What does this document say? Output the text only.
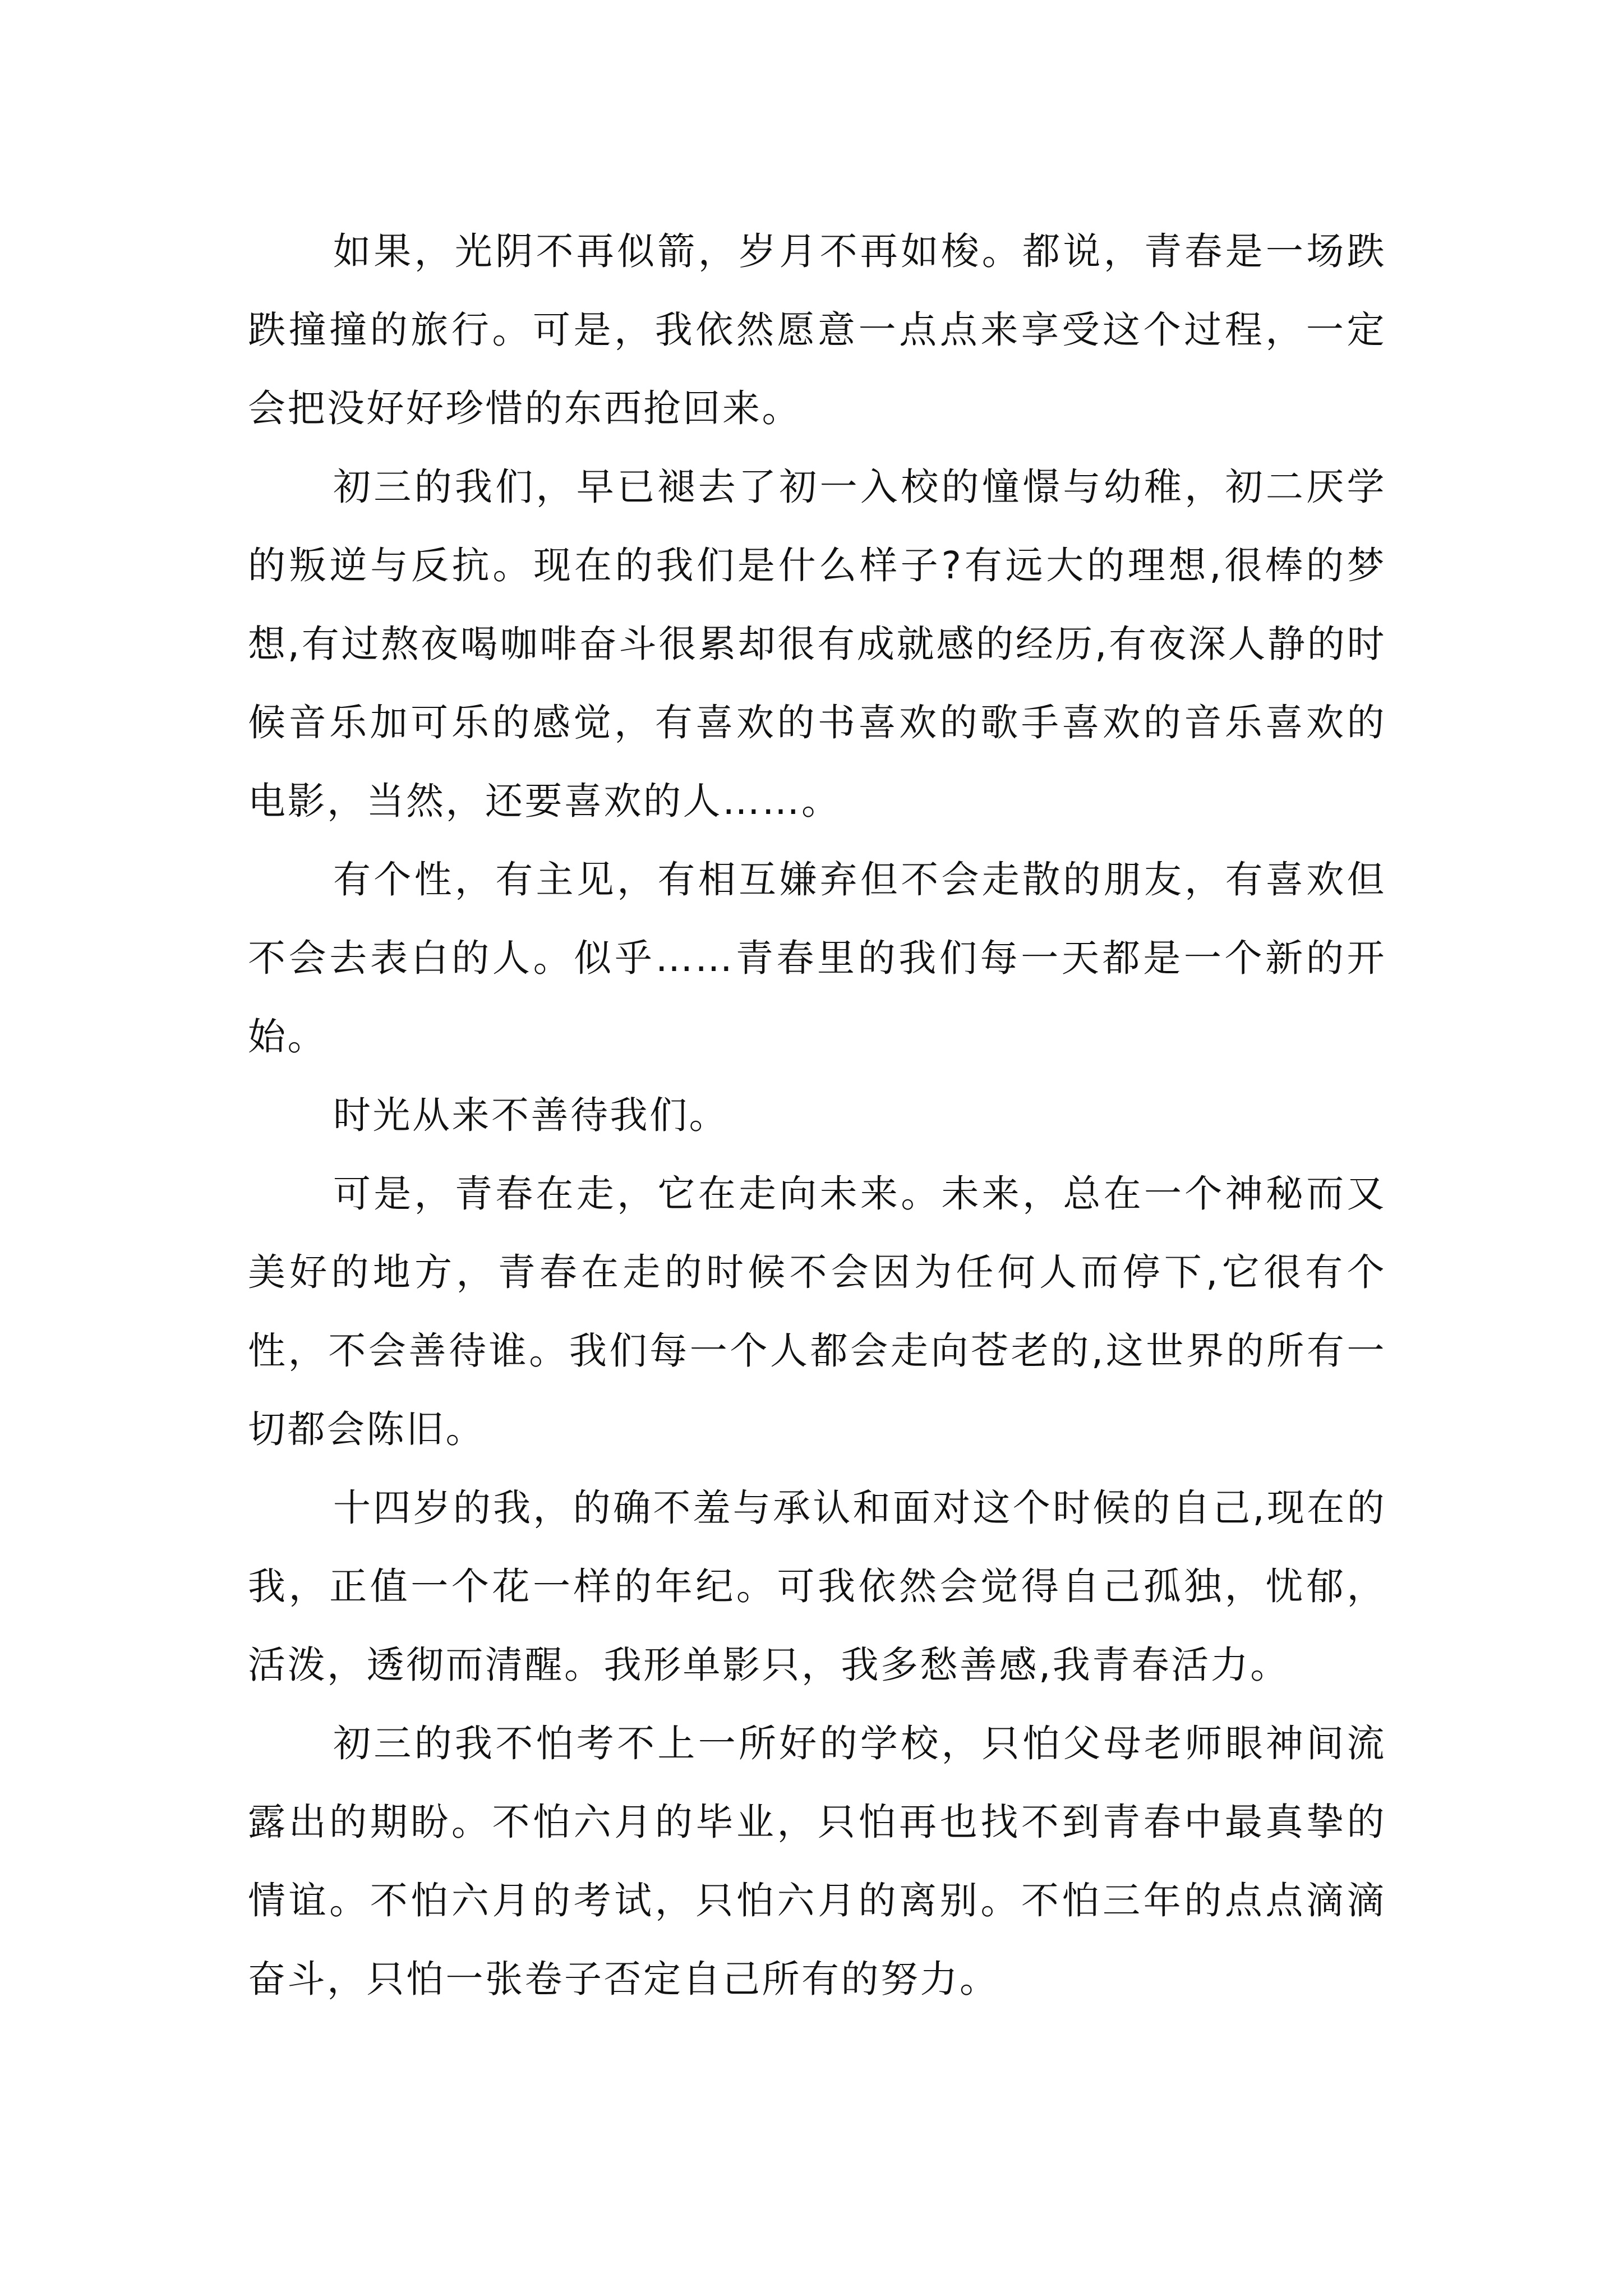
如果，光阴不再似箭，岁月不再如梭。都说，青春是一场跌跌撞撞的旅行。可是，我依然愿意一点点来享受这个过程，一定会把没好好珍惜的东西抢回来。

初三的我们，早已褪去了初一入校的憧憬与幼稚，初二厌学的叛逆与反抗。现在的我们是什么样子?有远大的理想,很棒的梦想,有过熬夜喝咖啡奋斗很累却很有成就感的经历,有夜深人静的时候音乐加可乐的感觉，有喜欢的书喜欢的歌手喜欢的音乐喜欢的电影，当然，还要喜欢的人……。

有个性，有主见，有相互嫌弃但不会走散的朋友，有喜欢但不会去表白的人。似乎……青春里的我们每一天都是一个新的开始。

时光从来不善待我们。

可是，青春在走，它在走向未来。未来，总在一个神秘而又美好的地方，青春在走的时候不会因为任何人而停下,它很有个性，不会善待谁。我们每一个人都会走向苍老的,这世界的所有一切都会陈旧。

十四岁的我，的确不羞与承认和面对这个时候的自己,现在的我，正值一个花一样的年纪。可我依然会觉得自己孤独，忧郁，活泼，透彻而清醒。我形单影只，我多愁善感,我青春活力。

初三的我不怕考不上一所好的学校，只怕父母老师眼神间流露出的期盼。不怕六月的毕业，只怕再也找不到青春中最真挚的情谊。不怕六月的考试，只怕六月的离别。不怕三年的点点滴滴奋斗，只怕一张卷子否定自己所有的努力。
